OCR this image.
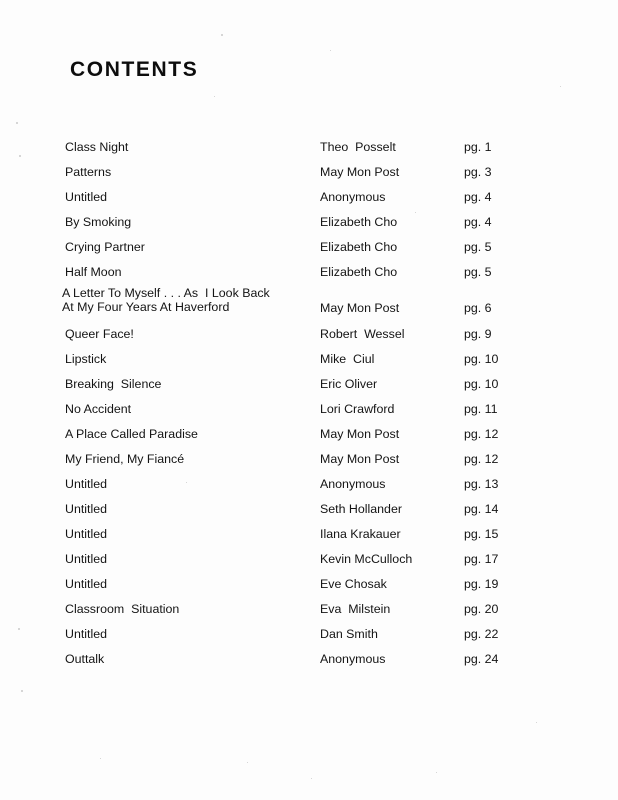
CONTENTS
Class Night	Theo  Posselt	pg. 1
Patterns	May Mon Post	pg. 3
Untitled	Anonymous	pg. 4
By Smoking	Elizabeth Cho	pg. 4
Crying Partner	Elizabeth Cho	pg. 5
Half Moon	Elizabeth Cho	pg. 5
A Letter To Myself . . . As  I Look Back
At My Four Years At Haverford	May Mon Post	pg. 6
Queer Face!	Robert  Wessel	pg. 9
Lipstick	Mike  Ciul	pg. 10
Breaking  Silence	Eric Oliver	pg. 10
No Accident	Lori Crawford	pg. 11
A Place Called Paradise	May Mon Post	pg. 12
My Friend, My Fiancé	May Mon Post	pg. 12
Untitled	Anonymous	pg. 13
Untitled	Seth Hollander	pg. 14
Untitled	Ilana Krakauer	pg. 15
Untitled	Kevin McCulloch	pg. 17
Untitled	Eve Chosak	pg. 19
Classroom  Situation	Eva  Milstein	pg. 20
Untitled	Dan Smith	pg. 22
Outtalk	Anonymous	pg. 24
